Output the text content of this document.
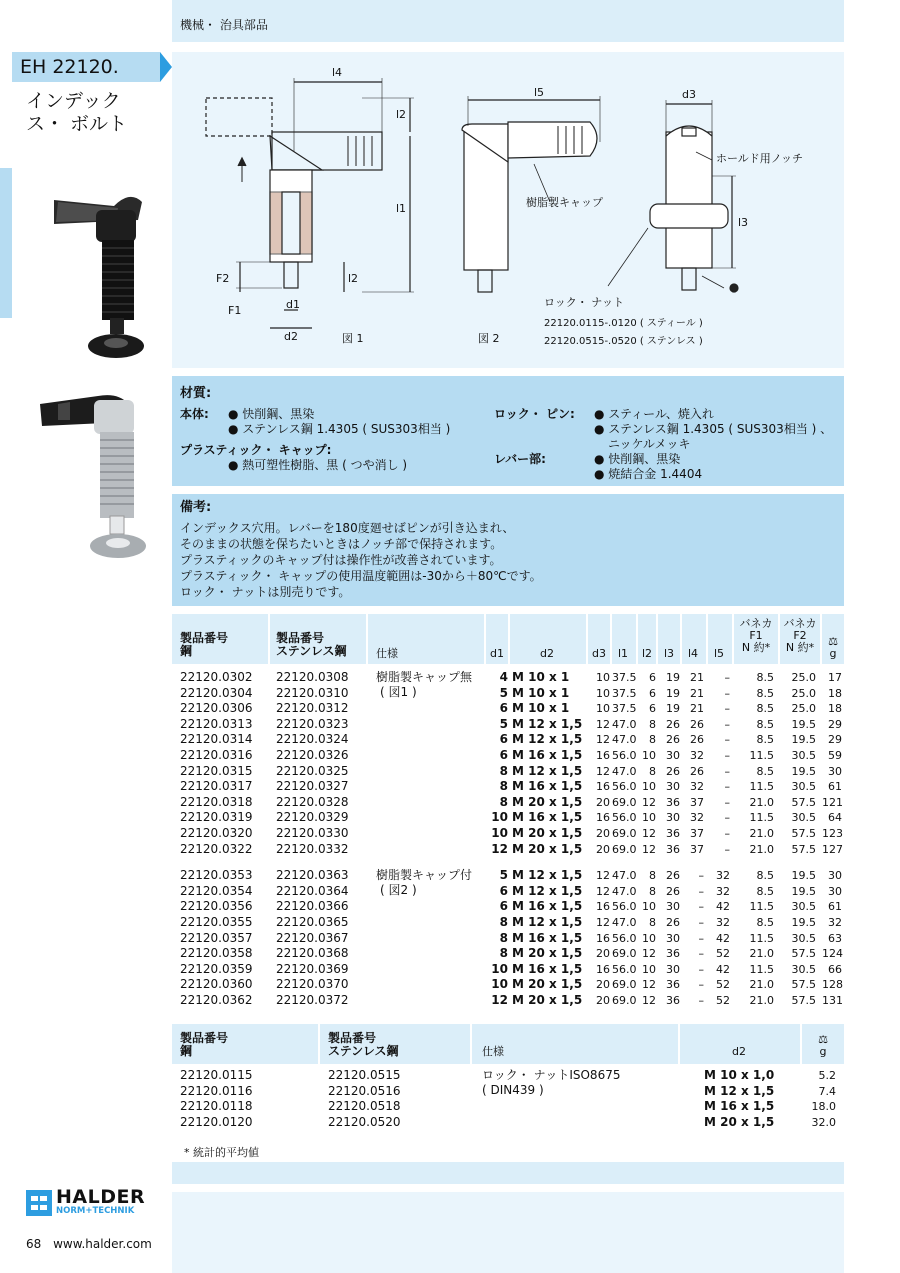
機械・ 治具部品
EH 22120.
インデック
ス・ ボルト
l4
l5	d3
l2
l1
l2
l3
F2
F1	d1
d2	図 1	図 2
ホールド用ノッチ
樹脂製キャップ
ロック・ ナット
22120.0115-.0120 ( スティール )
22120.0515-.0520 ( ステンレス )
材質:
本体: ● 快削鋼、黒染
● ステンレス鋼 1.4305 ( SUS303相当 )
プラスティック・ キャップ:
● 熱可塑性樹脂、黒 ( つや消し )
ロック・ ピン: ● スティール、焼入れ
● ステンレス鋼 1.4305 ( SUS303相当 ) 、
ニッケルメッキ
レバー部:	● 快削鋼、黒染
● 焼結合金 1.4404
備考:
インデックス穴用。レバーを180度廻せばピンが引き込まれ、
そのままの状態を保ちたいときはノッチ部で保持されます。
プラスティックのキャップ付は操作性が改善されています。
プラスティック・ キャップの使用温度範囲は-30から＋80℃です。
ロック・ ナットは別売りです。
製品番号
鋼
製品番号
ステンレス鋼	仕様	d1	d2	d3 l1 l2 l3 l4 l5
バネカ
F1
N 約*
バネカ
F2
N 約*	⚖
g
樹脂製キャップ無
( 図1 )
樹脂製キャップ付
( 図2 )
22120.0302 22120.0308	4 M 10 x 1	10 37.5	6 19 21	–	8.5	25.0	17
22120.0304 22120.0310	5 M 10 x 1	10 37.5	6 19 21	–	8.5	25.0	18
22120.0306 22120.0312	6 M 10 x 1	10 37.5	6 19 21	–	8.5	25.0	18
22120.0313 22120.0323	5 M 12 x 1,5	12 47.0	8 26 26	–	8.5	19.5	29
22120.0314 22120.0324	6 M 12 x 1,5	12 47.0	8 26 26	–	8.5	19.5	29
22120.0316 22120.0326	6 M 16 x 1,5	16 56.0 10 30 32	–	11.5	30.5	59
22120.0315 22120.0325	8 M 12 x 1,5	12 47.0	8 26 26	–	8.5	19.5	30
22120.0317 22120.0327	8 M 16 x 1,5	16 56.0 10 30 32	–	11.5	30.5	61
22120.0318 22120.0328	8 M 20 x 1,5	20 69.0 12 36 37	–	21.0	57.5 121
22120.0319 22120.0329	10 M 16 x 1,5	16 56.0 10 30 32	–	11.5	30.5	64
22120.0320 22120.0330	10 M 20 x 1,5	20 69.0 12 36 37	–	21.0	57.5 123
22120.0322 22120.0332	12 M 20 x 1,5	20 69.0 12 36 37	–	21.0	57.5 127
22120.0353 22120.0363	5 M 12 x 1,5	12 47.0	8 26	–	32	8.5	19.5	30
22120.0354 22120.0364	6 M 12 x 1,5	12 47.0	8 26	–	32	8.5	19.5	30
22120.0356 22120.0366	6 M 16 x 1,5	16 56.0 10 30	–	42	11.5	30.5	61
22120.0355 22120.0365	8 M 12 x 1,5	12 47.0	8 26	–	32	8.5	19.5	32
22120.0357 22120.0367	8 M 16 x 1,5	16 56.0 10 30	–	42	11.5	30.5	63
22120.0358 22120.0368	8 M 20 x 1,5	20 69.0 12 36	–	52	21.0	57.5 124
22120.0359 22120.0369	10 M 16 x 1,5	16 56.0 10 30	–	42	11.5	30.5	66
22120.0360 22120.0370	10 M 20 x 1,5	20 69.0 12 36	–	52	21.0	57.5 128
22120.0362 22120.0372	12 M 20 x 1,5	20 69.0 12 36	–	52	21.0	57.5 131
製品番号
鋼
製品番号
ステンレス鋼	仕様	d2
⚖
g
ロック・ ナットISO8675
( DIN439 )
22120.0115	22120.0515	M 10 x 1,0	5.2
22120.0116	22120.0516	M 12 x 1,5	7.4
22120.0118	22120.0518	M 16 x 1,5	18.0
22120.0120	22120.0520	M 20 x 1,5	32.0
* 統計的平均値
HALDER
NORM+TECHNIK
68 www.halder.com
